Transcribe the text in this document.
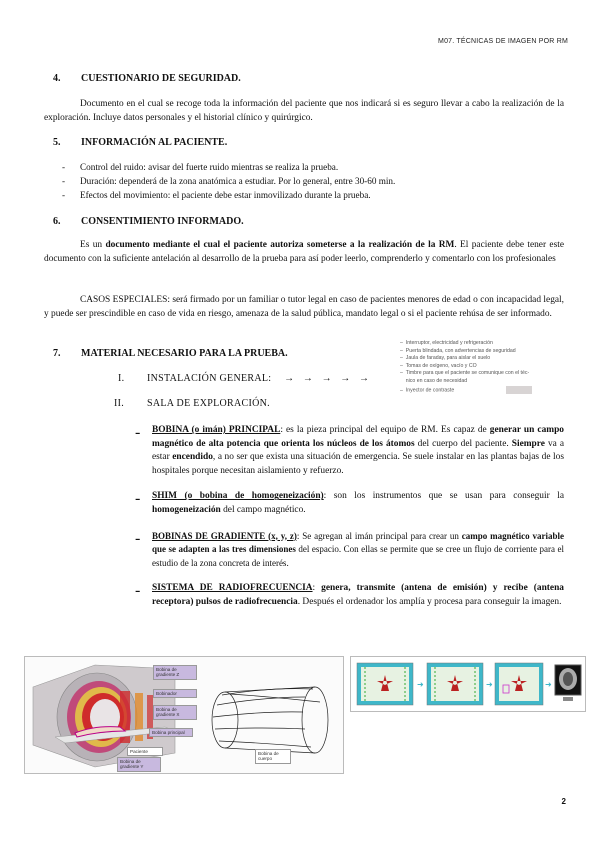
M07. TÉCNICAS DE IMAGEN POR RM
4. CUESTIONARIO DE SEGURIDAD.

Documento en el cual se recoge toda la información del paciente que nos indicará si es seguro llevar a cabo la realización de la exploración. Incluye datos personales y el historial clínico y quirúrgico.

5. INFORMACIÓN AL PACIENTE.
- Control del ruido: avisar del fuerte ruido mientras se realiza la prueba.
- Duración: dependerá de la zona anatómica a estudiar. Por lo general, entre 30-60 min.
- Efectos del movimiento: el paciente debe estar inmovilizado durante la prueba.
6. CONSENTIMIENTO INFORMADO.

Es un documento mediante el cual el paciente autoriza someterse a la realización de la RM. El paciente debe tener este documento con la suficiente antelación al desarrollo de la prueba para así poder leerlo, comprenderlo y comentarlo con los profesionales

CASOS ESPECIALES: será firmado por un familiar o tutor legal en caso de pacientes menores de edad o con incapacidad legal, y puede ser prescindible en caso de vida en riesgo, amenaza de la salud pública, mandato legal o si el paciente rehúsa de ser informado.

7. MATERIAL NECESARIO PARA LA PRUEBA.
I. INSTALACIÓN GENERAL: →   →   →   →   →
II. SALA DE EXPLORACIÓN.
–  Interruptor, electricidad y refrigeración
–  Puerta blindada, con advertencias de seguridad
–  Jaula de faraday, para aislar el suelo
–  Tomas de oxígeno, vacío y CO
–  Timbre para que el paciente se comunique con el téc-
nico en caso de necesidad
–  Inyector de contraste
- BOBINA (o imán) PRINCIPAL: es la pieza principal del equipo de RM. Es capaz de generar un campo magnético de alta potencia que orienta los núcleos de los átomos del cuerpo del paciente. Siempre va a estar encendido, a no ser que exista una situación de emergencia. Se suele instalar en las plantas bajas de los hospitales porque necesitan aislamiento y refuerzo.

- SHIM (o bobina de homogeneización): son los instrumentos que se usan para conseguir la homogeneización del campo magnético.

- BOBINAS DE GRADIENTE (x, y, z): Se agregan al imán principal para crear un campo magnético variable que se adapten a las tres dimensiones del espacio. Con ellas se permite que se cree un flujo de corriente para el estudio de la zona concreta de interés.

- SISTEMA DE RADIOFRECUENCIA: genera, transmite (antena de emisión) y recibe (antena receptora) pulsos de radiofrecuencia. Después el ordenador los amplía y procesa para conseguir la imagen.

Bobina de gradiente Z
Bobinador
Bobina de gradiente X
Bobina principal
Paciente
Bobina de gradiente Y
Bobina de cuerpo
➜	➜	➜
2
